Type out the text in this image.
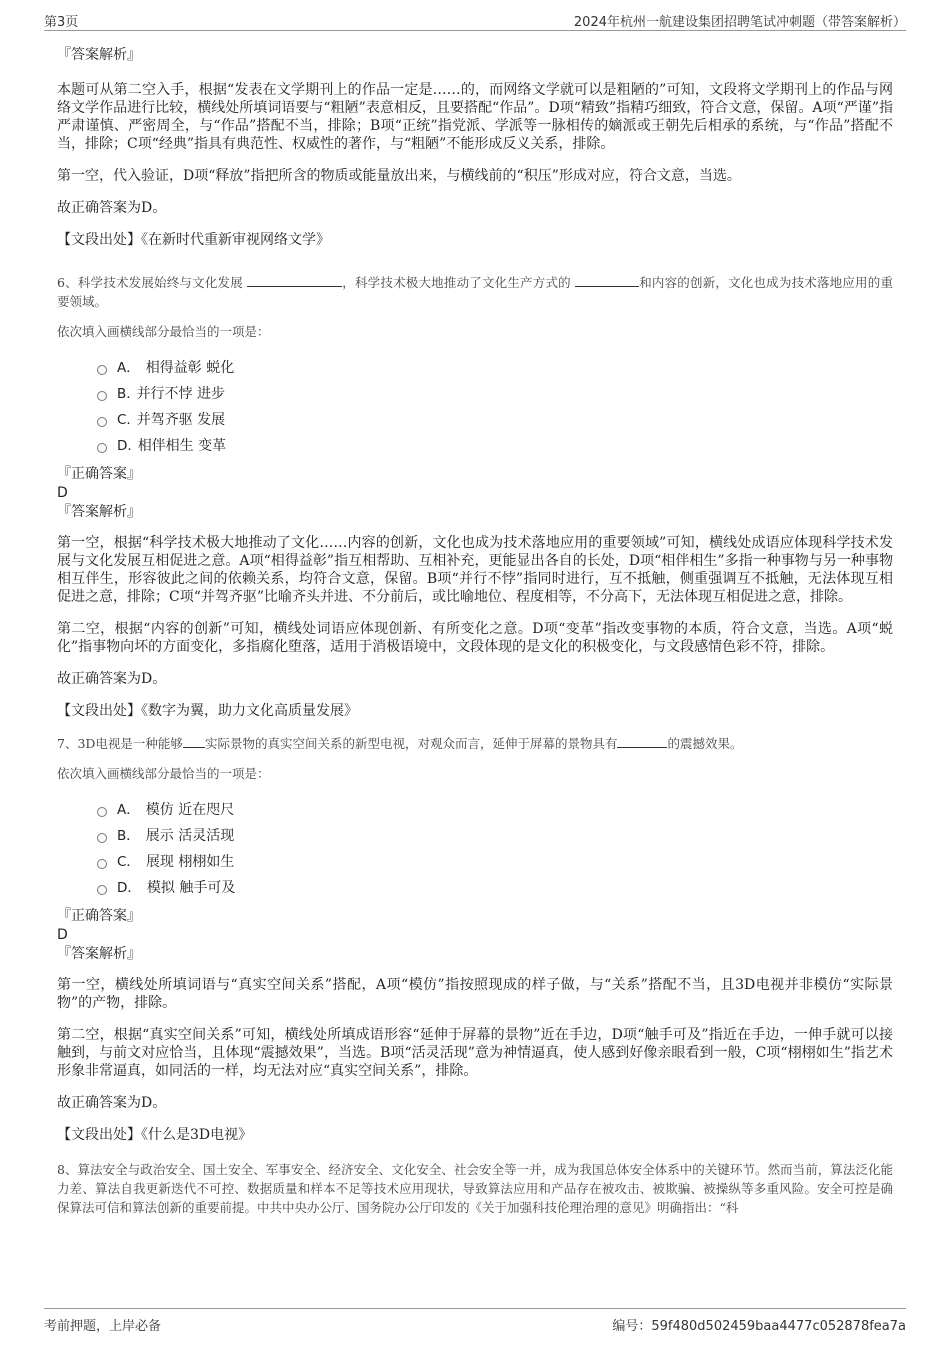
第3页	2024年杭州一航建设集团招聘笔试冲刺题（带答案解析）

『答案解析』

本题可从第二空入手，根据“发表在文学期刊上的作品一定是……的，而网络文学就可以是粗陋的”可知，文段将文学期刊上的作品与网络文学作品进行比较，横线处所填词语要与“粗陋”表意相反，且要搭配“作品”。D项“精致”指精巧细致，符合文意，保留。A项“严谨”指严肃谨慎、严密周全，与“作品”搭配不当，排除；B项“正统”指党派、学派等一脉相传的嫡派或王朝先后相承的系统，与“作品”搭配不当，排除；C项“经典”指具有典范性、权威性的著作，与“粗陋”不能形成反义关系，排除。

第一空，代入验证，D项“释放”指把所含的物质或能量放出来，与横线前的“积压”形成对应，符合文意，当选。

故正确答案为D。

【文段出处】《在新时代重新审视网络文学》

6、科学技术发展始终与文化发展	，科学技术极大地推动了文化生产方式的	和内容的创新，文化也成为技术落地应用的重要领域。

依次填入画横线部分最恰当的一项是：

A． 相得益彰 蜕化
B. 并行不悖 进步
C. 并驾齐驱 发展
D. 相伴相生 变革

『正确答案』

D

『答案解析』

第一空，根据“科学技术极大地推动了文化……内容的创新，文化也成为技术落地应用的重要领域”可知，横线处成语应体现科学技术发展与文化发展互相促进之意。A项“相得益彰”指互相帮助、互相补充，更能显出各自的长处，D项“相伴相生”多指一种事物与另一种事物相互伴生，形容彼此之间的依赖关系，均符合文意，保留。B项“并行不悖”指同时进行，互不抵触，侧重强调互不抵触，无法体现互相促进之意，排除；C项“并驾齐驱”比喻齐头并进、不分前后，或比喻地位、程度相等，不分高下，无法体现互相促进之意，排除。

第二空，根据“内容的创新”可知，横线处词语应体现创新、有所变化之意。D项“变革”指改变事物的本质，符合文意，当选。A项“蜕化”指事物向坏的方面变化，多指腐化堕落，适用于消极语境中，文段体现的是文化的积极变化，与文段感情色彩不符，排除。

故正确答案为D。

【文段出处】《数字为翼，助力文化高质量发展》

7、3D电视是一种能够 实际景物的真实空间关系的新型电视，对观众而言，延伸于屏幕的景物具有	的震撼效果。

依次填入画横线部分最恰当的一项是：

A． 模仿 近在咫尺
B． 展示 活灵活现
C． 展现 栩栩如生
D． 模拟 触手可及

『正确答案』

D

『答案解析』

第一空，横线处所填词语与“真实空间关系”搭配，A项“模仿”指按照现成的样子做，与“关系”搭配不当，且3D电视并非模仿“实际景物”的产物，排除。

第二空，根据“真实空间关系”可知，横线处所填成语形容“延伸于屏幕的景物”近在手边，D项“触手可及”指近在手边，一伸手就可以接触到，与前文对应恰当，且体现“震撼效果”，当选。B项“活灵活现”意为神情逼真，使人感到好像亲眼看到一般，C项“栩栩如生”指艺术形象非常逼真，如同活的一样，均无法对应“真实空间关系”，排除。

故正确答案为D。

【文段出处】《什么是3D电视》

8、算法安全与政治安全、国土安全、军事安全、经济安全、文化安全、社会安全等一并，成为我国总体安全体系中的关键环节。然而当前，算法泛化能力差、算法自我更新迭代不可控、数据质量和样本不足等技术应用现状，导致算法应用和产品存在被攻击、被欺骗、被操纵等多重风险。安全可控是确保算法可信和算法创新的重要前提。中共中央办公厅、国务院办公厅印发的《关于加强科技伦理治理的意见》明确指出：“科

考前押题，上岸必备	编号：59f480d502459baa4477c052878fea7a
